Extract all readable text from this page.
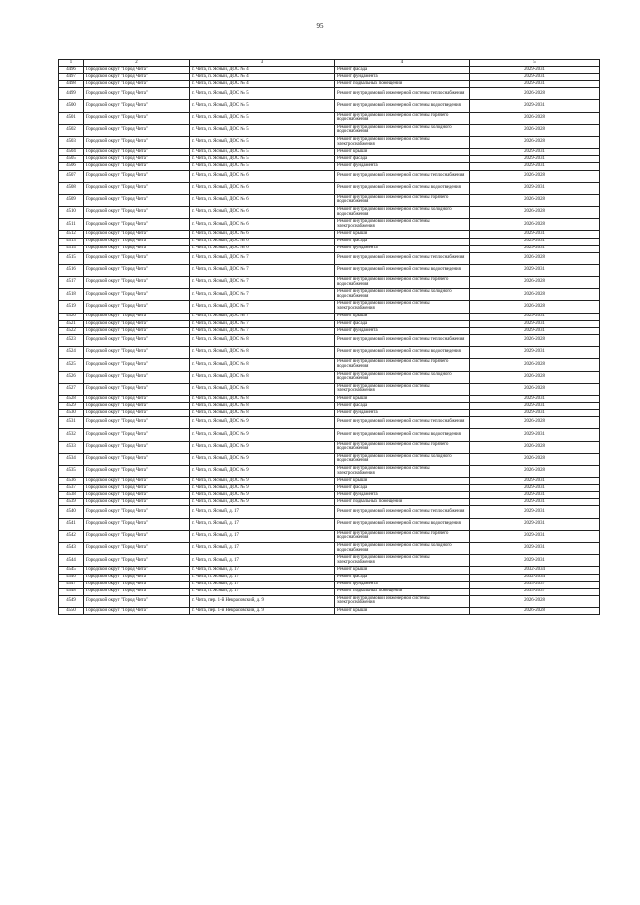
95
1	2	3	4	5
4496	Городской округ "Город Чита"	г. Чита, п. Ясный, ДОС № 4	Ремонт фасада	2029-2031
4497	Городской округ "Город Чита"	г. Чита, п. Ясный, ДОС № 4	Ремонт фундамента	2029-2031
4498	Городской округ "Город Чита"	г. Чита, п. Ясный, ДОС № 4	Ремонт подвальных помещений	2029-2031
4499	Городской округ "Город Чита"	г. Чита, п. Ясный, ДОС № 5	Ремонт внутридомовой инженерной системы теплоснабжения	2026-2028
4500	Городской округ "Город Чита"	г. Чита, п. Ясный, ДОС № 5	Ремонт внутридомовой инженерной системы водоотведения	2029-2031
4501	Городской округ "Город Чита"	г. Чита, п. Ясный, ДОС № 5	Ремонт внутридомовой инженерной системы горячего водоснабжения	2026-2028
4502	Городской округ "Город Чита"	г. Чита, п. Ясный, ДОС № 5	Ремонт внутридомовой инженерной системы холодного водоснабжения	2026-2028
4503	Городской округ "Город Чита"	г. Чита, п. Ясный, ДОС № 5	Ремонт внутридомовой инженерной системы электроснабжения	2026-2028
4504	Городской округ "Город Чита"	г. Чита, п. Ясный, ДОС № 5	Ремонт крыши	2029-2031
4505	Городской округ "Город Чита"	г. Чита, п. Ясный, ДОС № 5	Ремонт фасада	2029-2031
4506	Городской округ "Город Чита"	г. Чита, п. Ясный, ДОС № 5	Ремонт фундамента	2029-2031
4507	Городской округ "Город Чита"	г. Чита, п. Ясный, ДОС № 6	Ремонт внутридомовой инженерной системы теплоснабжения	2026-2028
4508	Городской округ "Город Чита"	г. Чита, п. Ясный, ДОС № 6	Ремонт внутридомовой инженерной системы водоотведения	2029-2031
4509	Городской округ "Город Чита"	г. Чита, п. Ясный, ДОС № 6	Ремонт внутридомовой инженерной системы горячего водоснабжения	2026-2028
4510	Городской округ "Город Чита"	г. Чита, п. Ясный, ДОС № 6	Ремонт внутридомовой инженерной системы холодного водоснабжения	2026-2028
4511	Городской округ "Город Чита"	г. Чита, п. Ясный, ДОС № 6	Ремонт внутридомовой инженерной системы электроснабжения	2026-2028
4512	Городской округ "Город Чита"	г. Чита, п. Ясный, ДОС № 6	Ремонт крыши	2029-2031
4513	Городской округ "Город Чита"	г. Чита, п. Ясный, ДОС № 6	Ремонт фасада	2029-2031
4514	Городской округ "Город Чита"	г. Чита, п. Ясный, ДОС № 6	Ремонт фундамента	2029-2031
4515	Городской округ "Город Чита"	г. Чита, п. Ясный, ДОС № 7	Ремонт внутридомовой инженерной системы теплоснабжения	2026-2028
4516	Городской округ "Город Чита"	г. Чита, п. Ясный, ДОС № 7	Ремонт внутридомовой инженерной системы водоотведения	2029-2031
4517	Городской округ "Город Чита"	г. Чита, п. Ясный, ДОС № 7	Ремонт внутридомовой инженерной системы горячего водоснабжения	2026-2028
4518	Городской округ "Город Чита"	г. Чита, п. Ясный, ДОС № 7	Ремонт внутридомовой инженерной системы холодного водоснабжения	2026-2028
4519	Городской округ "Город Чита"	г. Чита, п. Ясный, ДОС № 7	Ремонт внутридомовой инженерной системы электроснабжения	2026-2028
4520	Городской округ "Город Чита"	г. Чита, п. Ясный, ДОС № 7	Ремонт крыши	2029-2031
4521	Городской округ "Город Чита"	г. Чита, п. Ясный, ДОС № 7	Ремонт фасада	2029-2031
4522	Городской округ "Город Чита"	г. Чита, п. Ясный, ДОС № 7	Ремонт фундамента	2029-2031
4523	Городской округ "Город Чита"	г. Чита, п. Ясный, ДОС № 8	Ремонт внутридомовой инженерной системы теплоснабжения	2026-2028
4524	Городской округ "Город Чита"	г. Чита, п. Ясный, ДОС № 8	Ремонт внутридомовой инженерной системы водоотведения	2029-2031
4525	Городской округ "Город Чита"	г. Чита, п. Ясный, ДОС № 8	Ремонт внутридомовой инженерной системы горячего водоснабжения	2026-2028
4526	Городской округ "Город Чита"	г. Чита, п. Ясный, ДОС № 8	Ремонт внутридомовой инженерной системы холодного водоснабжения	2026-2028
4527	Городской округ "Город Чита"	г. Чита, п. Ясный, ДОС № 8	Ремонт внутридомовой инженерной системы электроснабжения	2026-2028
4528	Городской округ "Город Чита"	г. Чита, п. Ясный, ДОС № 8	Ремонт крыши	2029-2031
4529	Городской округ "Город Чита"	г. Чита, п. Ясный, ДОС № 8	Ремонт фасада	2029-2031
4530	Городской округ "Город Чита"	г. Чита, п. Ясный, ДОС № 8	Ремонт фундамента	2029-2031
4531	Городской округ "Город Чита"	г. Чита, п. Ясный, ДОС № 9	Ремонт внутридомовой инженерной системы теплоснабжения	2026-2028
4532	Городской округ "Город Чита"	г. Чита, п. Ясный, ДОС № 9	Ремонт внутридомовой инженерной системы водоотведения	2029-2031
4533	Городской округ "Город Чита"	г. Чита, п. Ясный, ДОС № 9	Ремонт внутридомовой инженерной системы горячего водоснабжения	2026-2028
4534	Городской округ "Город Чита"	г. Чита, п. Ясный, ДОС № 9	Ремонт внутридомовой инженерной системы холодного водоснабжения	2026-2028
4535	Городской округ "Город Чита"	г. Чита, п. Ясный, ДОС № 9	Ремонт внутридомовой инженерной системы электроснабжения	2026-2028
4536	Городской округ "Город Чита"	г. Чита, п. Ясный, ДОС № 9	Ремонт крыши	2029-2031
4537	Городской округ "Город Чита"	г. Чита, п. Ясный, ДОС № 9	Ремонт фасада	2029-2031
4538	Городской округ "Город Чита"	г. Чита, п. Ясный, ДОС № 9	Ремонт фундамента	2029-2031
4539	Городской округ "Город Чита"	г. Чита, п. Ясный, ДОС № 9	Ремонт подвальных помещений	2029-2031
4540	Городской округ "Город Чита"	г. Чита, п. Ясный, д. 17	Ремонт внутридомовой инженерной системы теплоснабжения	2029-2031
4541	Городской округ "Город Чита"	г. Чита, п. Ясный, д. 17	Ремонт внутридомовой инженерной системы водоотведения	2029-2031
4542	Городской округ "Город Чита"	г. Чита, п. Ясный, д. 17	Ремонт внутридомовой инженерной системы горячего водоснабжения	2029-2031
4543	Городской округ "Город Чита"	г. Чита, п. Ясный, д. 17	Ремонт внутридомовой инженерной системы холодного водоснабжения	2029-2031
4544	Городской округ "Город Чита"	г. Чита, п. Ясный, д. 17	Ремонт внутридомовой инженерной системы электроснабжения	2029-2031
4545	Городской округ "Город Чита"	г. Чита, п. Ясный, д. 17	Ремонт крыши	2032-2034
4546	Городской округ "Город Чита"	г. Чита, п. Ясный, д. 17	Ремонт фасада	2032-2034
4547	Городской округ "Город Чита"	г. Чита, п. Ясный, д. 17	Ремонт фундамента	2035-2037
4548	Городской округ "Город Чита"	г. Чита, п. Ясный, д. 17	Ремонт подвальных помещений	2035-2037
4549	Городской округ "Город Чита"	г. Чита, пер. 1-й Некрасовский, д. 9	Ремонт внутридомовой инженерной системы электроснабжения	2026-2028
4550	Городской округ "Город Чита"	г. Чита, пер. 1-й Некрасовский, д. 9	Ремонт крыши	2026-2028
